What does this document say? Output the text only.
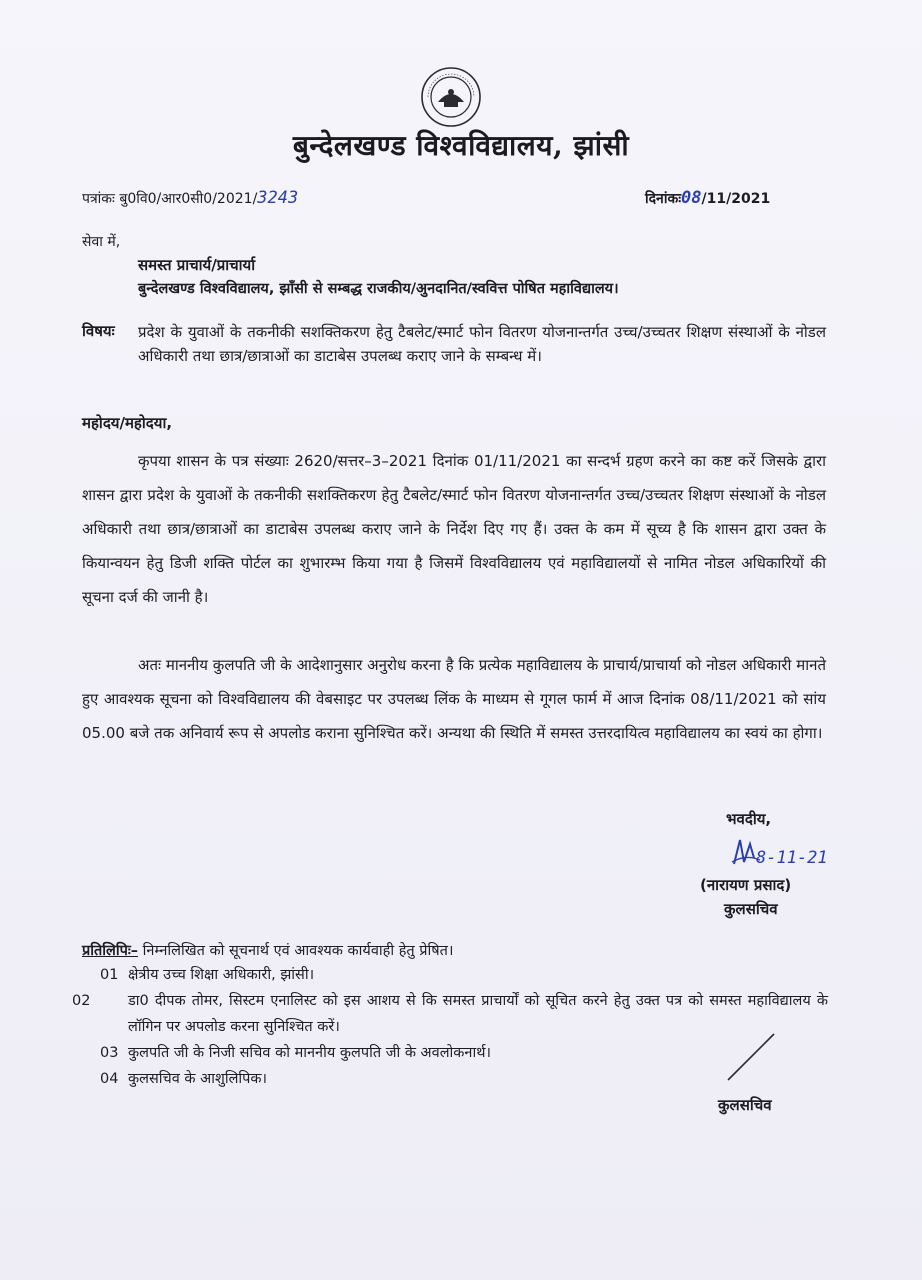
बुन्देलखण्ड विश्वविद्यालय, झांसी
पत्रांकः बु0वि0/आर0सी0/2021/3243	दिनांकः08/11/2021
सेवा में,
समस्त प्राचार्य/प्राचार्या
बुन्देलखण्ड विश्वविद्यालय, झाँसी से सम्बद्ध राजकीय/अुनदानित/स्ववित्त पोषित महाविद्यालय।
विषयः प्रदेश के युवाओं के तकनीकी सशक्तिकरण हेतु टैबलेट/स्मार्ट फोन वितरण योजनान्तर्गत उच्च/उच्चतर शिक्षण संस्थाओं के नोडल अधिकारी तथा छात्र/छात्राओं का डाटाबेस उपलब्ध कराए जाने के सम्बन्ध में।
महोदय/महोदया,
कृपया शासन के पत्र संख्याः 2620/सत्तर–3–2021 दिनांक 01/11/2021 का सन्दर्भ ग्रहण करने का कष्ट करें जिसके द्वारा शासन द्वारा प्रदेश के युवाओं के तकनीकी सशक्तिकरण हेतु टैबलेट/स्मार्ट फोन वितरण योजनान्तर्गत उच्च/उच्चतर शिक्षण संस्थाओं के नोडल अधिकारी तथा छात्र/छात्राओं का डाटाबेस उपलब्ध कराए जाने के निर्देश दिए गए हैं। उक्त के कम में सूच्य है कि शासन द्वारा उक्त के कियान्वयन हेतु डिजी शक्ति पोर्टल का शुभारम्भ किया गया है जिसमें विश्वविद्यालय एवं महाविद्यालयों से नामित नोडल अधिकारियों की सूचना दर्ज की जानी है।
अतः माननीय कुलपति जी के आदेशानुसार अनुरोध करना है कि प्रत्येक महाविद्यालय के प्राचार्य/प्राचार्या को नोडल अधिकारी मानते हुए आवश्यक सूचना को विश्वविद्यालय की वेबसाइट पर उपलब्ध लिंक के माध्यम से गूगल फार्म में आज दिनांक 08/11/2021 को सांय 05.00 बजे तक अनिवार्य रूप से अपलोड कराना सुनिश्चित करें। अन्यथा की स्थिति में समस्त उत्तरदायित्व महाविद्यालय का स्वयं का होगा।
भवदीय,
8-11-21
(नारायण प्रसाद)
कुलसचिव
प्रतिलिपिः– निम्नलिखित को सूचनार्थ एवं आवश्यक कार्यवाही हेतु प्रेषित।
01 क्षेत्रीय उच्च शिक्षा अधिकारी, झांसी।
02	डा0 दीपक तोमर, सिस्टम एनालिस्ट को इस आशय से कि समस्त प्राचार्यों को सूचित करने हेतु उक्त पत्र को समस्त महाविद्यालय के लॉगिन पर अपलोड करना सुनिश्चित करें।
03 कुलपति जी के निजी सचिव को माननीय कुलपति जी के अवलोकनार्थ।
04 कुलसचिव के आशुलिपिक।
कुलसचिव
